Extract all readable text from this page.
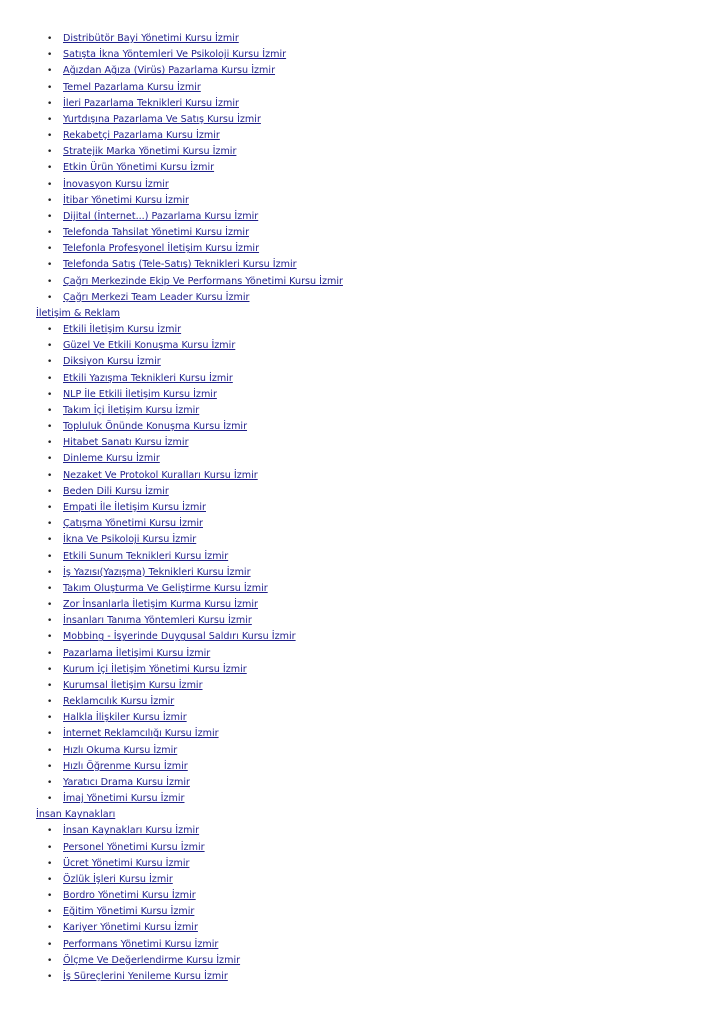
• Distribütör Bayi Yönetimi Kursu İzmir
• Satışta İkna Yöntemleri Ve Psikoloji Kursu İzmir
• Ağızdan Ağıza (Virüs) Pazarlama Kursu İzmir
• Temel Pazarlama Kursu İzmir
• İleri Pazarlama Teknikleri Kursu İzmir
• Yurtdışına Pazarlama Ve Satış Kursu İzmir
• Rekabetçi Pazarlama Kursu İzmir
• Stratejik Marka Yönetimi Kursu İzmir
• Etkin Ürün Yönetimi Kursu İzmir
• İnovasyon Kursu İzmir
• İtibar Yönetimi Kursu İzmir
• Dijital (İnternet...) Pazarlama Kursu İzmir
• Telefonda Tahsilat Yönetimi Kursu İzmir
• Telefonla Profesyonel İletişim Kursu İzmir
• Telefonda Satış (Tele-Satış) Teknikleri Kursu İzmir
• Çağrı Merkezinde Ekip Ve Performans Yönetimi Kursu İzmir
• Çağrı Merkezi Team Leader Kursu İzmir
İletişim & Reklam
• Etkili İletişim Kursu İzmir
• Güzel Ve Etkili Konuşma Kursu İzmir
• Diksiyon Kursu İzmir
• Etkili Yazışma Teknikleri Kursu İzmir
• NLP İle Etkili İletişim Kursu İzmir
• Takım İçi İletişim Kursu İzmir
• Topluluk Önünde Konuşma Kursu İzmir
• Hitabet Sanatı Kursu İzmir
• Dinleme Kursu İzmir
• Nezaket Ve Protokol Kuralları Kursu İzmir
• Beden Dili Kursu İzmir
• Empati İle İletişim Kursu İzmir
• Çatışma Yönetimi Kursu İzmir
• İkna Ve Psikoloji Kursu İzmir
• Etkili Sunum Teknikleri Kursu İzmir
• İş Yazısı(Yazışma) Teknikleri Kursu İzmir
• Takım Oluşturma Ve Geliştirme Kursu İzmir
• Zor İnsanlarla İletişim Kurma Kursu İzmir
• İnsanları Tanıma Yöntemleri Kursu İzmir
• Mobbing - İşyerinde Duygusal Saldırı Kursu İzmir
• Pazarlama İletişimi Kursu İzmir
• Kurum İçi İletişim Yönetimi Kursu İzmir
• Kurumsal İletişim Kursu İzmir
• Reklamcılık Kursu İzmir
• Halkla İlişkiler Kursu İzmir
• İnternet Reklamcılığı Kursu İzmir
• Hızlı Okuma Kursu İzmir
• Hızlı Öğrenme Kursu İzmir
• Yaratıcı Drama Kursu İzmir
• İmaj Yönetimi Kursu İzmir
İnsan Kaynakları
• İnsan Kaynakları Kursu İzmir
• Personel Yönetimi Kursu İzmir
• Ücret Yönetimi Kursu İzmir
• Özlük İşleri Kursu İzmir
• Bordro Yönetimi Kursu İzmir
• Eğitim Yönetimi Kursu İzmir
• Kariyer Yönetimi Kursu İzmir
• Performans Yönetimi Kursu İzmir
• Ölçme Ve Değerlendirme Kursu İzmir
• İş Süreçlerini Yenileme Kursu İzmir
